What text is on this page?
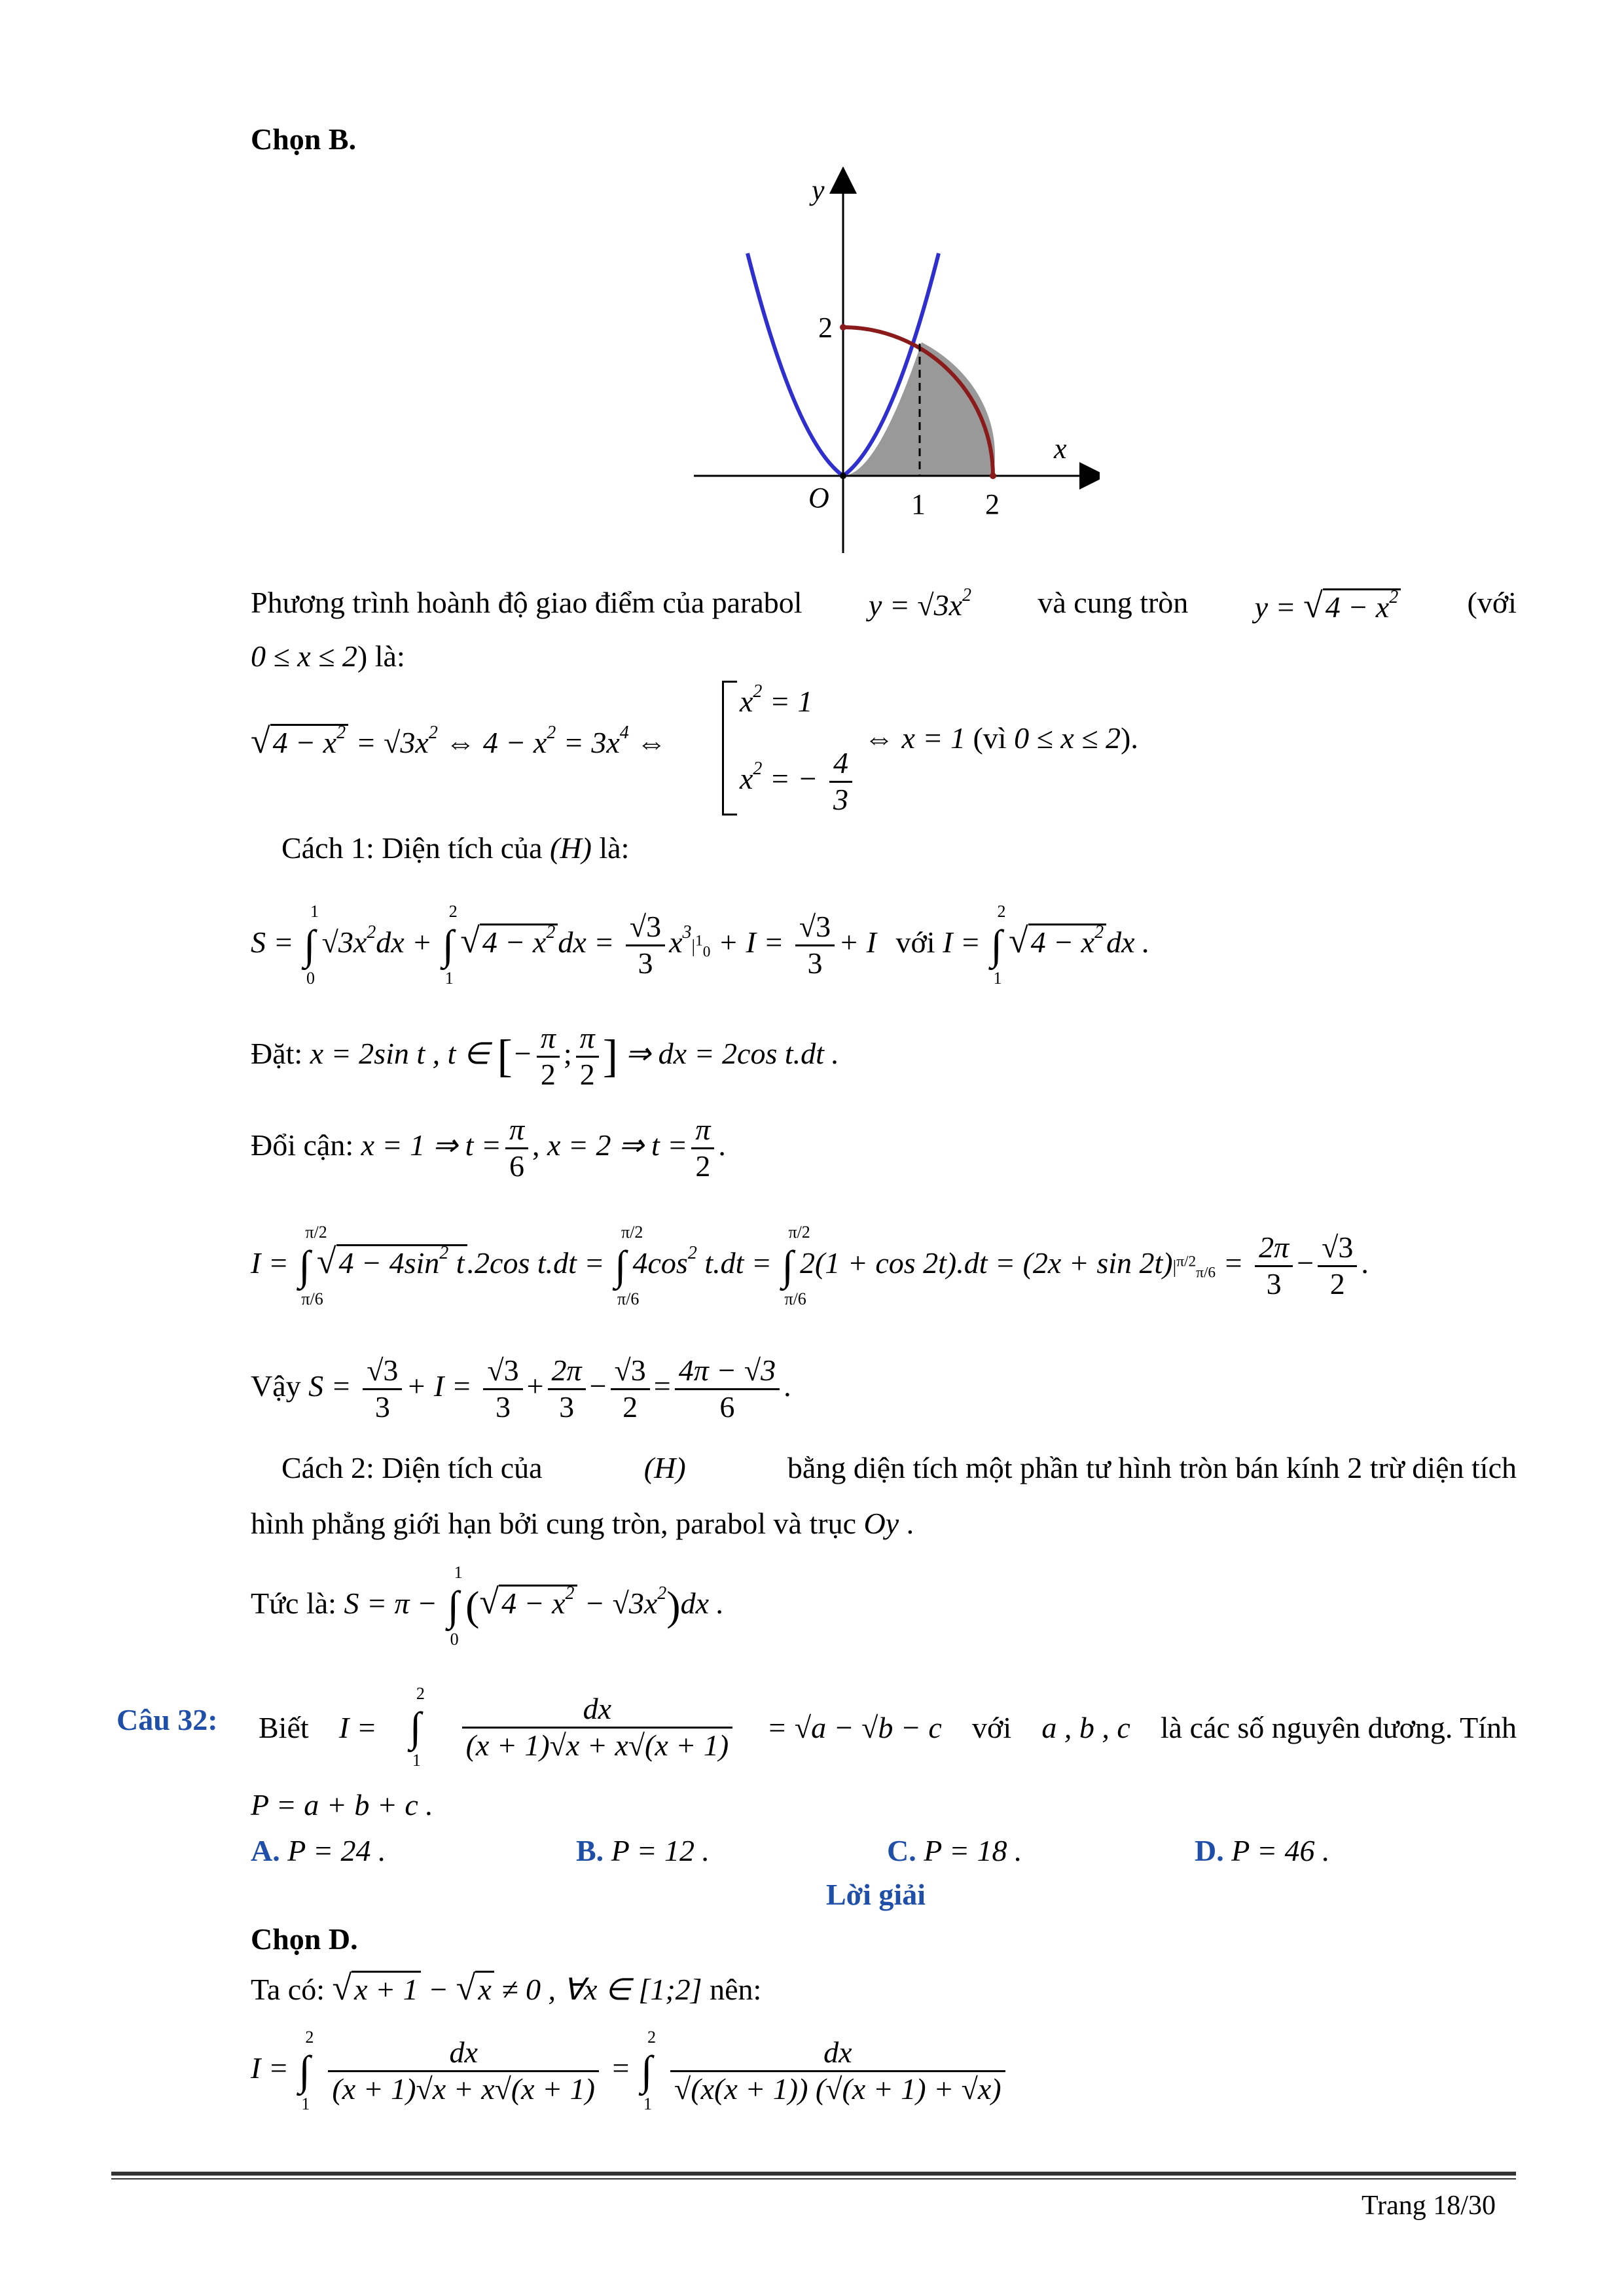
Chọn B.
y
x
O
2
1 2
Phương trình hoành độ giao điểm của parabol $y = √3x^2$ và cung tròn $y = √4 - x^2$ (với
0 ≤ x ≤ 2) là:
$√4 - x^2 = √3x^2$ ⇔ $4 - x^2 = 3x^4$ ⇔
$x^2 = 1$
$x^2$ = − $\frac{4}{3}$
⇔ x = 1 (vì 0 ≤ x ≤ 2).
Cách 1: Diện tích của (H) là:
S = ∫
1
0
$√3x^2dx$ + ∫
2
1
$√4 - x^2dx = \frac{√3}{3} x^3|^1_0 + I = \frac{√3}{3} + I$ với I = ∫
2
1
$√4 - x^2dx$ .
Đặt: x = 2sin t , t ∈ [− $\frac{\pi}{2}$ ; $\frac{\pi}{2}$ ] ⇒ dx = 2cos t.dt .
Đổi cận: x = 1 ⇒ $t = \frac{\pi}{6}$ , x = 2 ⇒ $t = \frac{\pi}{2}$ .
I = ∫
π/2
π/6
$√4 - 4\sin^2$ t.2cos t.dt = ∫
π/2
π/6
$4\cos^2$ t.dt = ∫
π/2
π/6
$2(1 + \cos 2t).dt = (2x + \sin 2t)|^{\pi/2}_{\pi/6} = \frac{2\pi}{3} - \frac{√3}{2}$ .
Vậy $S = \frac{√3}{3} + I = \frac{√3}{3} + \frac{2\pi}{3} - \frac{√3}{2} = \frac{4\pi - √3}{6}$ .
Cách 2: Diện tích của	(H)	bằng diện tích một phần tư hình tròn bán kính 2 trừ diện tích
hình phẳng giới hạn bởi cung tròn, parabol và trục Oy .
Tức là: S = π − ∫
1
0
$(√4 - x^2 - √3x^2)dx$ .
Câu 32: Biết I = ∫
2
$1 \frac{dx}{(x + 1)√x + x√(x + 1)} = √a - √b - c$ với a , b , c là các số nguyên dương. Tính
P = a + b + c .
A. P = 24 .	B. P = 12 .	C. P = 18 .	D. P = 46 .
Lời giải
Chọn D.
Ta có: √x + 1 − √x ≠ 0 , ∀x ∈ [1;2] nên:
I = ∫
2
1
$\frac{dx}{(x + 1)√x + x√(x + 1)}$ = ∫
2
1
$\frac{dx}{√(x(x + 1)) (√(x + 1) + √x)}$
Trang 18/30
